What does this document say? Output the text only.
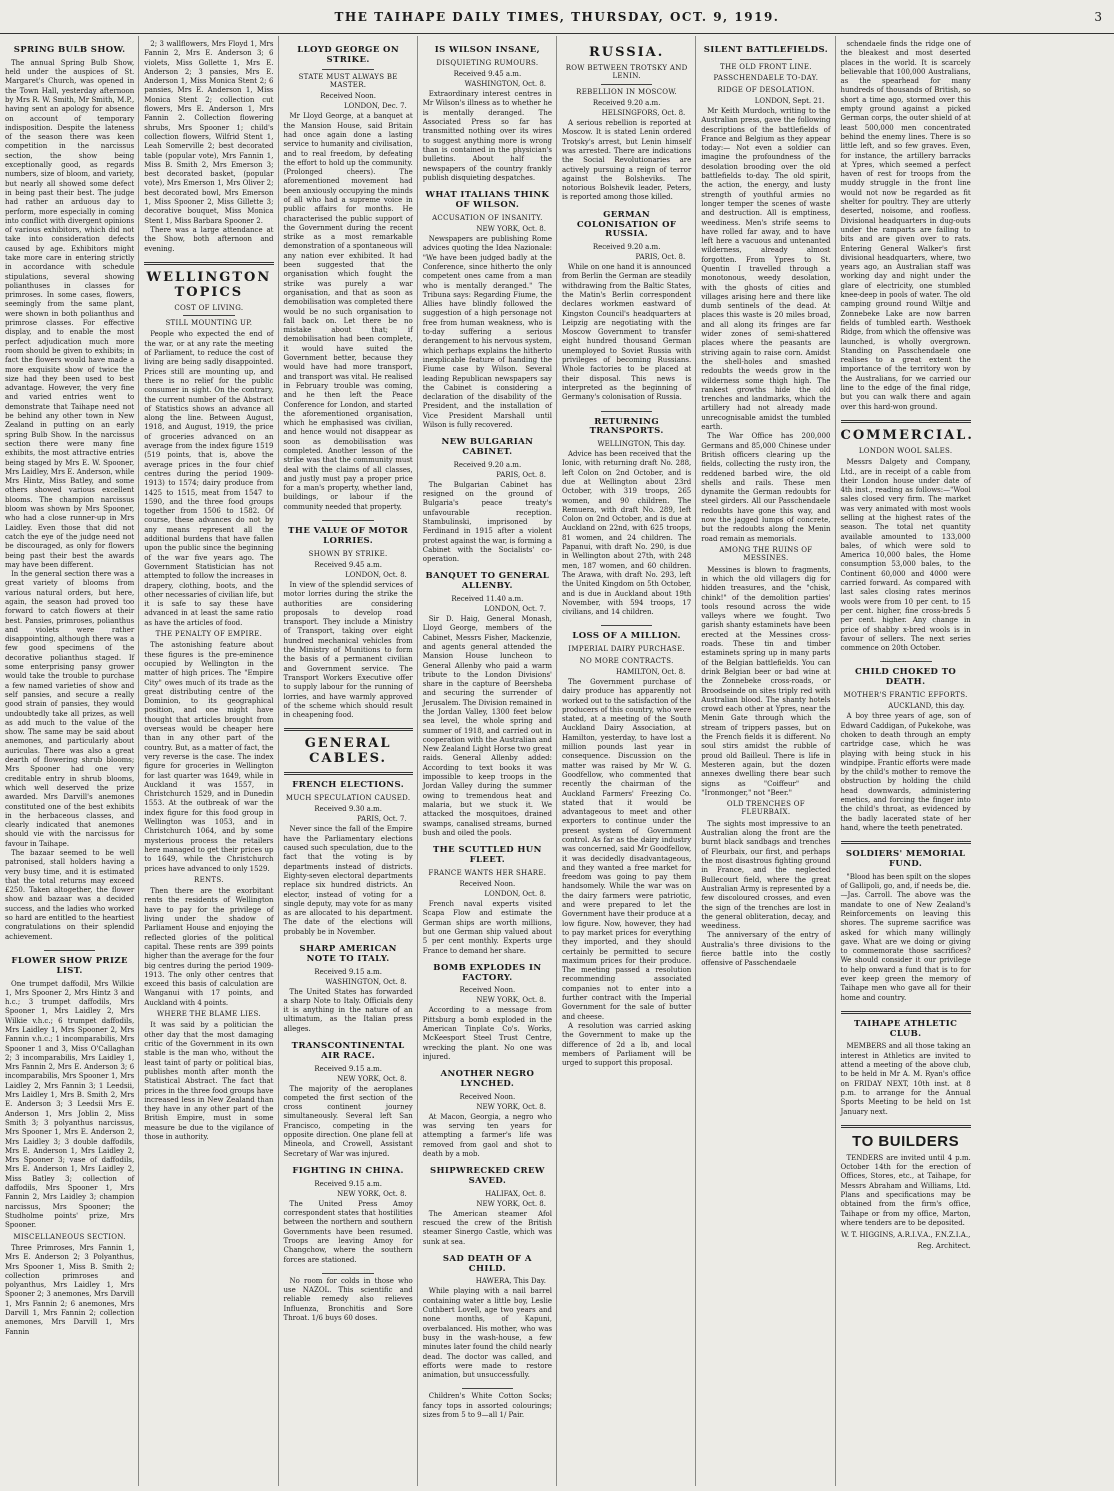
THE TAIHAPE DAILY TIMES, THURSDAY, OCT. 9, 1919.	3
SPRING BULB SHOW.

The annual Spring Bulb Show, held under the auspices of St. Margaret's Church, was opened in the Town Hall, yesterday afternoon by Mrs R. W. Smith, Mr Smith, M.P., having sent an apology for absence on account of temporary indisposition. Despite the lateness of the season there was keen competition in the narcissus section, the show being exceptionally good, as regards numbers, size of bloom, and variety, but nearly all showed some defect in being past their best. The judge had rather an arduous day to perform, more especially in coming into conflict with divergent opinions of various exhibitors, which did not take into consideration defects caused by age. Exhibitors might take more care in entering strictly in accordance with schedule stipulations, several showing polianthuses in classes for primroses. In some cases, flowers, seemingly from the same plant, were shown in both polianthus and primrose classes. For effective display, and to enable the most perfect adjudication much more room should be given to exhibits; in fact the flowers would have made a more exquisite show of twice the size had they been used to best advantage. However, the very fine and varied entries went to demonstrate that Taihape need not be behind any other town in New Zealand in putting on an early spring Bulb Show. In the narcissus section there were many fine exhibits, the most attractive entries being staged by Mrs E. W. Spooner, Mrs Laidley, Mrs E. Anderson, while Mrs Hintz, Miss Batley, and some others showed various excellent blooms. The champion narcissus bloom was shown by Mrs Spooner, who had a close runner-up in Mrs Laidley. Even those that did not catch the eye of the judge need not be discouraged, as only for flowers being past their best the awards may have been different.

In the general section there was a great variety of blooms from various natural orders, but here, again, the season had proved too forward to catch flowers at their best. Pansies, primroses, polianthus and violets were rather disappointing, although there was a few good specimens of the decorative polianthus staged. If some enterprising pansy grower would take the trouble to purchase a few named varieties of show and self pansies, and secure a really good strain of pansies, they would undoubtedly take all prizes, as well as add much to the value of the show. The same may be said about anemones, and particularly about auriculas. There was also a great dearth of flowering shrub blooms; Mrs Spooner had one very creditable entry in shrub blooms, which well deserved the prize awarded. Mrs Darvill's anemones constituted one of the best exhibits in the herbaceous classes, and clearly indicated that anemones should vie with the narcissus for favour in Taihape.

The bazaar seemed to be well patronised, stall holders having a very busy time, and it is estimated that the total returns may exceed £250. Taken altogether, the flower show and bazaar was a decided success, and the ladies who worked so hard are entitled to the heartiest congratulations on their splendid achievement.

FLOWER SHOW PRIZE LIST.

One trumpet daffodil, Mrs Wilkie 1, Mrs Spooner 2, Mrs Hintz 3 and h.c.; 3 trumpet daffodils, Mrs Spooner 1, Mrs Laidley 2, Mrs Wilkie v.h.c.; 6 trumpet daffodils, Mrs Laidley 1, Mrs Spooner 2, Mrs Fannin v.h.c.; 1 incomparabilis, Mrs Spooner 1 and 3, Miss O'Callaghan 2; 3 incomparabilis, Mrs Laidley 1, Mrs Fannin 2, Mrs E. Anderson 3; 6 incomparabilis, Mrs Spooner 1, Mrs Laidley 2, Mrs Fannin 3; 1 Leedsii, Mrs Laidley 1, Mrs B. Smith 2, Mrs E. Anderson 3; 3 Leedsii Mrs E. Anderson 1, Mrs Joblin 2, Miss Smith 3; 3 polyanthus narcissus, Mrs Spooner 1, Mrs E. Anderson 2, Mrs Laidley 3; 3 double daffodils, Mrs E. Anderson 1, Mrs Laidley 2, Mrs Spooner 3; vase of daffodils, Mrs E. Anderson 1, Mrs Laidley 2, Miss Batley 3; collection of daffodils, Mrs Spooner 1, Mrs Fannin 2, Mrs Laidley 3; champion narcissus, Mrs Spooner; the Studholme points' prize, Mrs Spooner.

MISCELLANEOUS SECTION.

Three Primroses, Mrs Fannin 1, Mrs E. Anderson 2; 3 Polyanthus, Mrs Spooner 1, Miss B. Smith 2; collection primroses and polyanthus, Mrs Laidley 1, Mrs Spooner 2; 3 anemones, Mrs Darvill 1, Mrs Fannin 2; 6 anemones, Mrs Darvill 1, Mrs Fannin 2; collection anemones, Mrs Darvill 1, Mrs Fannin

2; 3 wallflowers, Mrs Floyd 1, Mrs Fannin 2, Mrs E. Anderson 3; 6 violets, Miss Gollette 1, Mrs E. Anderson 2; 3 pansies, Mrs E. Anderson 1, Miss Monica Stent 2; 6 pansies, Mrs E. Anderson 1, Miss Monica Stent 2; collection cut flowers, Mrs E. Anderson 1, Mrs Fannin 2. Collection flowering shrubs, Mrs Spooner 1; child's collection flowers, Wilfrid Stent 1, Leah Somerville 2; best decorated table (popular vote), Mrs Fannin 1, Miss B. Smith 2, Mrs Emerson 3; best decorated basket, (popular vote), Mrs Emerson 1, Mrs Oliver 2; best decorated bowl, Mrs Emerson 1, Miss Spooner 2, Miss Gillette 3; decorative bouquet, Miss Monica Stent 1, Miss Barbara Spooner 2.

There was a large attendance at the Show, both afternoon and evening.

WELLINGTON TOPICS
COST OF LIVING.
STILL MOUNTING UP.

People who expected the end of the war, or at any rate the meeting of Parliament, to reduce the cost of living are being sadly disappointed. Prices still are mounting up, and there is no relief for the public consumer in sight. On the contrary, the current number of the Abstract of Statistics shows an advance all along the line. Between August, 1918, and August, 1919, the price of groceries advanced on an average from the index figure 1519 (519 points, that is, above the average prices in the four chief centres during the period 1909-1913) to 1574; dairy produce from 1425 to 1515, meat from 1547 to 1590, and the three food groups together from 1506 to 1582. Of course, these advances do not by any means represent all the additional burdens that have fallen upon the public since the beginning of the war five years ago. The Government Statistician has not attempted to follow the increases in drapery, clothing, boots, and the other necessaries of civilian life, but it is safe to say these have advanced in at least the same ratio as have the articles of food.

THE PENALTY OF EMPIRE.

The astonishing feature about these figures is the pre-eminence occupied by Wellington in the matter of high prices. The "Empire City" owes much of its trade as the great distributing centre of the Dominion, to its geographical position, and one might have thought that articles brought from overseas would be cheaper here than in any other part of the country. But, as a matter of fact, the very reverse is the case. The index figure for groceries in Wellington for last quarter was 1649, while in Auckland it was 1557, in Christchurch 1529, and in Dunedin 1553. At the outbreak of war the index figure for this food group in Wellington was 1053, and in Christchurch 1064, and by some mysterious process the retailers here managed to get their prices up to 1649, while the Christchurch prices have advanced to only 1529.

RENTS.

Then there are the exorbitant rents the residents of Wellington have to pay for the privilege of living under the shadow of Parliament House and enjoying the reflected glories of the political capital. These rents are 399 points higher than the average for the four big centres during the period 1909-1913. The only other centres that exceed this basis of calculation are Wanganui with 17 points, and Auckland with 4 points.

WHERE THE BLAME LIES.

It was said by a politician the other day that the most damaging critic of the Government in its own stable is the man who, without the least taint of party or political bias, publishes month after month the Statistical Abstract. The fact that prices in the three food groups have increased less in New Zealand than they have in any other part of the British Empire, must in some measure be due to the vigilance of those in authority.

LLOYD GEORGE ON STRIKE.
STATE MUST ALWAYS BE MASTER.
Received Noon.
LONDON, Dec. 7.

Mr Lloyd George, at a banquet at the Mansion House, said Britain had once again done a lasting service to humanity and civilisation, and to real freedom, by defeating the effort to hold up the community. (Prolonged cheers). The aforementioned movement had been anxiously occupying the minds of all who had a supreme voice in public affairs for months. He characterised the public support of the Government during the recent strike as a most remarkable demonstration of a spontaneous will any nation ever exhibited. It had been suggested that the organisation which fought the strike was purely a war organisation, and that as soon as demobilisation was completed there would be no such organisation to fall back on. Let there be no mistake about that; if demobilisation had been complete, it would have suited the Government better, because they would have had more transport, and transport was vital. He realised in February trouble was coming, and he then left the Peace Conference for London, and started the aforementioned organisation, which he emphasised was civilian, and hence would not disappear as soon as demobilisation was completed. Another lesson of the strike was that the community must deal with the claims of all classes, and justly must pay a proper price for a man's property, whether land, buildings, or labour if the community needed that property.

THE VALUE OF MOTOR LORRIES.
SHOWN BY STRIKE.
Received 9.45 a.m.
LONDON, Oct. 8.

In view of the splendid services of motor lorries during the strike the authorities are considering proposals to develop road transport. They include a Ministry of Transport, taking over eight hundred mechanical vehicles from the Ministry of Munitions to form the basis of a permanent civilian and Government service. The Transport Workers Executive offer to supply labour for the running of lorries, and have warmly approved of the scheme which should result in cheapening food.

GENERAL CABLES.
FRENCH ELECTIONS.
MUCH SPECULATION CAUSED.
Received 9.30 a.m.
PARIS, Oct. 7.

Never since the fall of the Empire have the Parliamentary elections caused such speculation, due to the fact that the voting is by departments instead of districts. Eighty-seven electoral departments replace six hundred districts. An elector, instead of voting for a single deputy, may vote for as many as are allocated to his department. The date of the elections will probably be in November.

SHARP AMERICAN NOTE TO ITALY.
Received 9.15 a.m.
WASHINGTON, Oct. 8.

The United States has forwarded a sharp Note to Italy. Officials deny it is anything in the nature of an ultimatum, as the Italian press alleges.

TRANSCONTINENTAL AIR RACE.
Received 9.15 a.m.
NEW YORK, Oct. 8.

The majority of the aeroplanes competed the first section of the cross continent journey simultaneously. Several left San Francisco, competing in the opposite direction. One plane fell at Mineola, and Crowell, Assistant Secretary of War was injured.

FIGHTING IN CHINA.
Received 9.15 a.m.
NEW YORK, Oct. 8.

The United Press Amoy correspondent states that hostilities between the northern and southern Governments have been resumed. Troops are leaving Amoy for Changchow, where the southern forces are stationed.

No room for colds in those who use NAZOL. This scientific and reliable remedy also relieves Influenza, Bronchitis and Sore Throat. 1/6 buys 60 doses.

IS WILSON INSANE,
DISQUIETING RUMOURS.
Received 9.45 a.m.
WASHINGTON, Oct. 8.

Extraordinary interest centres in Mr Wilson's illness as to whether he is mentally deranged. The Associated Press so far has transmitted nothing over its wires to suggest anything more is wrong than is contained in the physician's bulletins. About half the newspapers of the country frankly publish disquieting despatches.

WHAT ITALIANS THINK OF WILSON.
ACCUSATION OF INSANITY.
NEW YORK, Oct. 8.

Newspapers are publishing Rome advices quoting the Idea Nazionale: "We have been judged badly at the Conference, since hitherto the only competent ones came from a man who is mentally deranged." The Tribuna says: Regarding Fiume, the Allies have blindly followed the suggestion of a high personage not free from human weakness, who is to-day suffering a serious derangement to his nervous system, which perhaps explains the hitherto inexplicable feature of handing the Fiume case by Wilson. Several leading Republican newspapers say the Cabinet is considering a declaration of the disability of the President, and the installation of Vice President Marshall until Wilson is fully recovered.

NEW BULGARIAN CABINET.
Received 9.20 a.m.
PARIS, Oct. 8.

The Bulgarian Cabinet has resigned on the ground of Bulgaria's peace treaty's unfavourable reception. Stambulinski, imprisoned by Ferdinand in 1915 after a violent protest against the war, is forming a Cabinet with the Socialists' co-operation.

BANQUET TO GENERAL ALLENBY.
Received 11.40 a.m.
LONDON, Oct. 7.

Sir D. Haig, General Monash, Lloyd George, members of the Cabinet, Messrs Fisher, Mackenzie, and agents general attended the Mansion House luncheon to General Allenby who paid a warm tribute to the London Divisions' share in the capture of Beersheba and securing the surrender of Jerusalem. The Division remained in the Jordan Valley, 1300 feet below sea level, the whole spring and summer of 1918, and carried out in cooperation with the Australian and New Zealand Light Horse two great raids. General Allenby added: According to text books it was impossible to keep troops in the Jordan Valley during the summer owing to tremendous heat and malaria, but we stuck it. We attacked the mosquitoes, drained swamps, canalised streams, burned bush and oiled the pools.

THE SCUTTLED HUN FLEET.
FRANCE WANTS HER SHARE.
Received Noon.
LONDON, Oct. 8.

French naval experts visited Scapa Flow and estimate the German ships are worth millions, but one German ship valued about 5 per cent monthly. Experts urge France to demand her share.

BOMB EXPLODES IN FACTORY.
Received Noon.
NEW YORK, Oct. 8.

According to a message from Pittsburg a bomb exploded in the American Tinplate Co's. Works, McKeesport Steel Trust Centre, wrecking the plant. No one was injured.

ANOTHER NEGRO LYNCHED.
Received Noon.
NEW YORK, Oct. 8.

At Macon, Georgia, a negro who was serving ten years for attempting a farmer's life was removed from gaol and shot to death by a mob.

SHIPWRECKED CREW SAVED.
HALIFAX, Oct. 8.
NEW YORK, Oct. 8.

The American steamer Afol rescued the crew of the British steamer Sinergo Castle, which was sunk at sea.

SAD DEATH OF A CHILD.
HAWERA, This Day.

While playing with a nail barrel containing water a little boy, Leslie Cuthbert Lovell, age two years and none months, of Kapuni, overbalanced. His mother, who was busy in the wash-house, a few minutes later found the child nearly dead. The doctor was called, and efforts were made to restore animation, but unsuccessfully.

Children's White Cotton Socks; fancy tops in assorted colourings; sizes from 5 to 9—all 1/ Pair.

RUSSIA.
ROW BETWEEN TROTSKY AND LENIN.
REBELLION IN MOSCOW.
Received 9.20 a.m.
HELSINGFORS, Oct. 8.

A serious rebellion is reported at Moscow. It is stated Lenin ordered Trotsky's arrest, but Lenin himself was arrested. There are indications the Social Revolutionaries are actively pursuing a reign of terror against the Bolsheviks. The notorious Bolshevik leader, Peters, is reported among those killed.

GERMAN COLONISATION OF RUSSIA.
Received 9.20 a.m.
PARIS, Oct. 8.

While on one hand it is announced from Berlin the German are steadily withdrawing from the Baltic States, the Matin's Berlin correspondent declares workmen eastward of Kingston Council's headquarters at Leipzig are negotiating with the Moscow Government to transfer eight hundred thousand German unemployed to Soviet Russia with privileges of becoming Russians. Whole factories to be placed at their disposal. This news is interpreted as the beginning of Germany's colonisation of Russia.

RETURNING TRANSPORTS.
WELLINGTON, This day.

Advice has been received that the Ionic, with returning draft No. 288, left Colon on 2nd October, and is due at Wellington about 23rd October, with 319 troops, 265 women, and 90 children. The Remuera, with draft No. 289, left Colon on 2nd October, and is due at Auckland on 22nd, with 625 troops, 81 women, and 24 children. The Papanui, with draft No. 290, is due in Wellington about 27th, with 248 men, 187 women, and 60 children. The Arawa, with draft No. 293, left the United Kingdom on 5th October, and is due in Auckland about 19th November, with 594 troops, 17 civilians, and 14 children.

LOSS OF A MILLION.
IMPERIAL DAIRY PURCHASE.
NO MORE CONTRACTS.
HAMILTON, Oct. 8.

The Government purchase of dairy produce has apparently not worked out to the satisfaction of the producers of this country, who were stated, at a meeting of the South Auckland Dairy Association, at Hamilton, yesterday, to have lost a million pounds last year in consequence. Discussion on the matter was raised by Mr W. G. Goodfellow, who commented that recently the chairman of the Auckland Farmers' Freezing Co. stated that it would be advantageous to meet and other exporters to continue under the present system of Government control. As far as the dairy industry was concerned, said Mr Goodfellow, it was decidedly disadvantageous, and they wanted a free market for freedom was going to pay them handsomely. While the war was on the dairy farmers were patriotic, and were prepared to let the Government have their produce at a low figure. Now, however, they had to pay market prices for everything they imported, and they should certainly be permitted to secure maximum prices for their produce. The meeting passed a resolution recommending associated companies not to enter into a further contract with the Imperial Government for the sale of butter and cheese.

A resolution was carried asking the Government to make up the difference of 2d a lb, and local members of Parliament will be urged to support this proposal.

SILENT BATTLEFIELDS.
THE OLD FRONT LINE.
PASSCHENDAELE TO-DAY.
RIDGE OF DESOLATION.
LONDON, Sept. 21.

Mr Keith Murdoch, writing to the Australian press, gave the following descriptions of the battlefields of France and Belgium as they appear today:— Not even a soldier can imagine the profoundness of the desolation brooding over the old battlefields to-day. The old spirit, the action, the energy, and lusty strength of youthful armies no longer temper the scenes of waste and destruction. All is emptiness, weediness. Men's strife seems to have rolled far away, and to have left here a vacuous and untenanted wilderness, already almost forgotten. From Ypres to St. Quentin I travelled through a monotonous, weedy desolation, with the ghosts of cities and villages arising here and there like dumb sentinels of the dead. At places this waste is 20 miles broad, and all along its fringes are far wider zones of semi-shattered places where the peasants are striving again to raise corn. Amidst the shell-holes and smashed redoubts the weeds grow in the wilderness some thigh high. The rankest growths hide the old trenches and landmarks, which the artillery had not already made unrecognisable amidst the tumbled earth.

The War Office has 200,000 Germans and 85,000 Chinese under British officers clearing up the fields, collecting the rusty iron, the reddened barbed wire, the old shells and rails. These men dynamite the German redoubts for steel girders. All our Passchendaele redoubts have gone this way, and now the jagged lumps of concrete, but the redoubts along the Menin road remain as memorials.

AMONG THE RUINS OF MESSINES.

Messines is blown to fragments, in which the old villagers dig for hidden treasures, and the "chisk, chink!" of the demolition parties' tools resound across the wide valleys where we fought. Two garish shanty estaminets have been erected at the Messines cross-roads. These tin and timber estaminets spring up in many parts of the Belgian battlefields. You can drink Belgian beer or bad wine at the Zonnebeke cross-roads, or Broodseinde on sites triply red with Australian blood. The shanty hotels crowd each other at Ypres, near the Menin Gate through which the stream of trippers passes, but on the French fields it is different. No soul stirs amidst the rubble of proud old Bailleul. There is life in Mesteren again, but the dozen annexes dwelling there bear such signs as "Coiffeur" and "Ironmonger," not "Beer."

OLD TRENCHES OF FLEURBAIX.

The sights most impressive to an Australian along the front are the burnt black sandbags and trenches of Fleurbaix, our first, and perhaps the most disastrous fighting ground in France, and the neglected Bullecourt field, where the great Australian Army is represented by a few discoloured crosses, and even the sign of the trenches are lost in the general obliteration, decay, and weediness.

The anniversary of the entry of Australia's three divisions to the fierce battle into the costly offensive of Passchendaele

schendaele finds the ridge one of the bleakest and most deserted places in the world. It is scarcely believable that 100,000 Australians, as the spearhead for many hundreds of thousands of British, so short a time ago, stormed over this empty ground against a picked German corps, the outer shield of at least 500,000 men concentrated behind the enemy lines. There is so little left, and so few graves. Even, for instance, the artillery barracks at Ypres, which seemed a perfect haven of rest for troops from the muddy struggle in the front line would not now be regarded as fit shelter for poultry. They are utterly deserted, noisome, and roofless. Divisional headquarters in dug-outs under the ramparts are failing to bits and are given over to rats. Entering General Walker's first divisional headquarters, where, two years ago, an Australian staff was working day and night under the glare of electricity, one stumbled knee-deep in pools of water. The old camping ground round Wiltje and Zonnebeke Lake are now barren fields of tumbled earth. Westhoek Ridge, from which the offensive was launched, is wholly overgrown. Standing on Passchendaele one realises to a great extent the importance of the territory won by the Australians, for we carried our line to the edge of the final ridge, but you can walk there and again over this hard-won ground.

COMMERCIAL.
LONDON WOOL SALES.

Messrs Dalgety and Company, Ltd., are in receipt of a cable from their London house under date of 4th inst., reading as follows:—"Wool sales closed very firm. The market was very animated with most wools selling at the highest rates of the season. The total net quantity available amounted to 133,000 bales, of which were sold to America 10,000 bales, the Home consumption 53,000 bales, to the Continent 60,000 and 4000 were carried forward. As compared with last sales closing rates merinos wools were from 10 per cent. to 15 per cent. higher, fine cross-breds 5 per cent. higher. Any change in price of shabby x-bred wools is in favour of sellers. The next series commence on 20th October.

CHILD CHOKED TO DEATH.
MOTHER'S FRANTIC EFFORTS.
AUCKLAND, this day.

A boy three years of age, son of Edward Caddigan, of Pukekohe, was choken to death through an empty cartridge case, which he was playing with being stuck in his windpipe. Frantic efforts were made by the child's mother to remove the obstruction by holding the child head downwards, administering emetics, and forcing the finger into the child's throat, as evidenced by the badly lacerated state of her hand, where the teeth penetrated.

SOLDIERS' MEMORIAL FUND.

"Blood has been spilt on the slopes of Gallipoli, go, and, if needs be, die.—Jas. Carroll. The above was the mandate to one of New Zealand's Reinforcements on leaving this shores. The supreme sacrifice was asked for which many willingly gave. What are we doing or giving to commemorate those sacrifices? We should consider it our privilege to help onward a fund that is to for ever keep green the memory of Taihape men who gave all for their home and country.

TAIHAPE ATHLETIC CLUB.

MEMBERS and all those taking an interest in Athletics are invited to attend a meeting of the above club, to be held in Mr A. M. Ryan's office on FRIDAY NEXT, 10th inst. at 8 p.m. to arrange for the Annual Sports Meeting to be held on 1st January next.

TO BUILDERS

TENDERS are invited until 4 p.m. October 14th for the erection of Offices, Stores, etc., at Taihape, for Messrs Abraham and Williams, Ltd. Plans and specifications may be obtained from the firm's office, Taihape or from my office, Marton, where tenders are to be deposited.

W. T. HIGGINS, A.R.I.V.A., F.N.Z.I.A.,
Reg. Architect.
